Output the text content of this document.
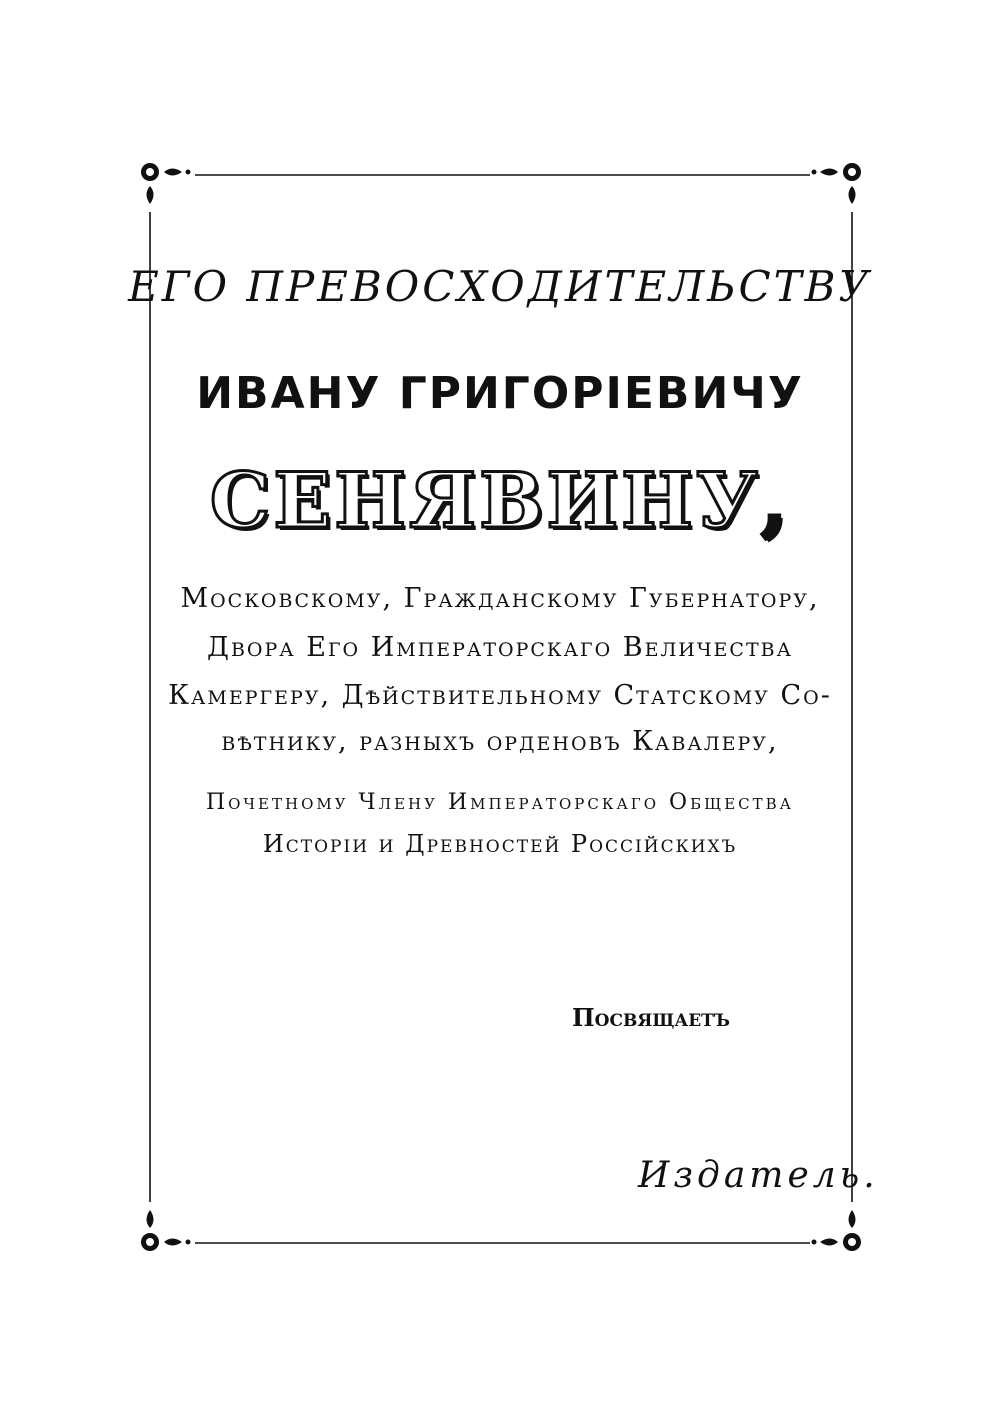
ЕГО ПРЕВОСХОДИТЕЛЬСТВУ
ИВАНУ ГРИГОРІЕВИЧУ
СЕНЯВИНУ,
Московскому, Гражданскому Губернатору,
Двора Его Императорскаго Величества
Камергеру, Дѣйствительному Статскому Со-
вѣтнику, разныхъ орденовъ Кавалеру,
Почетному Члену Императорскаго Общества
Исторіи и Древностей Россійскихъ
Посвящаетъ
Издатель.
